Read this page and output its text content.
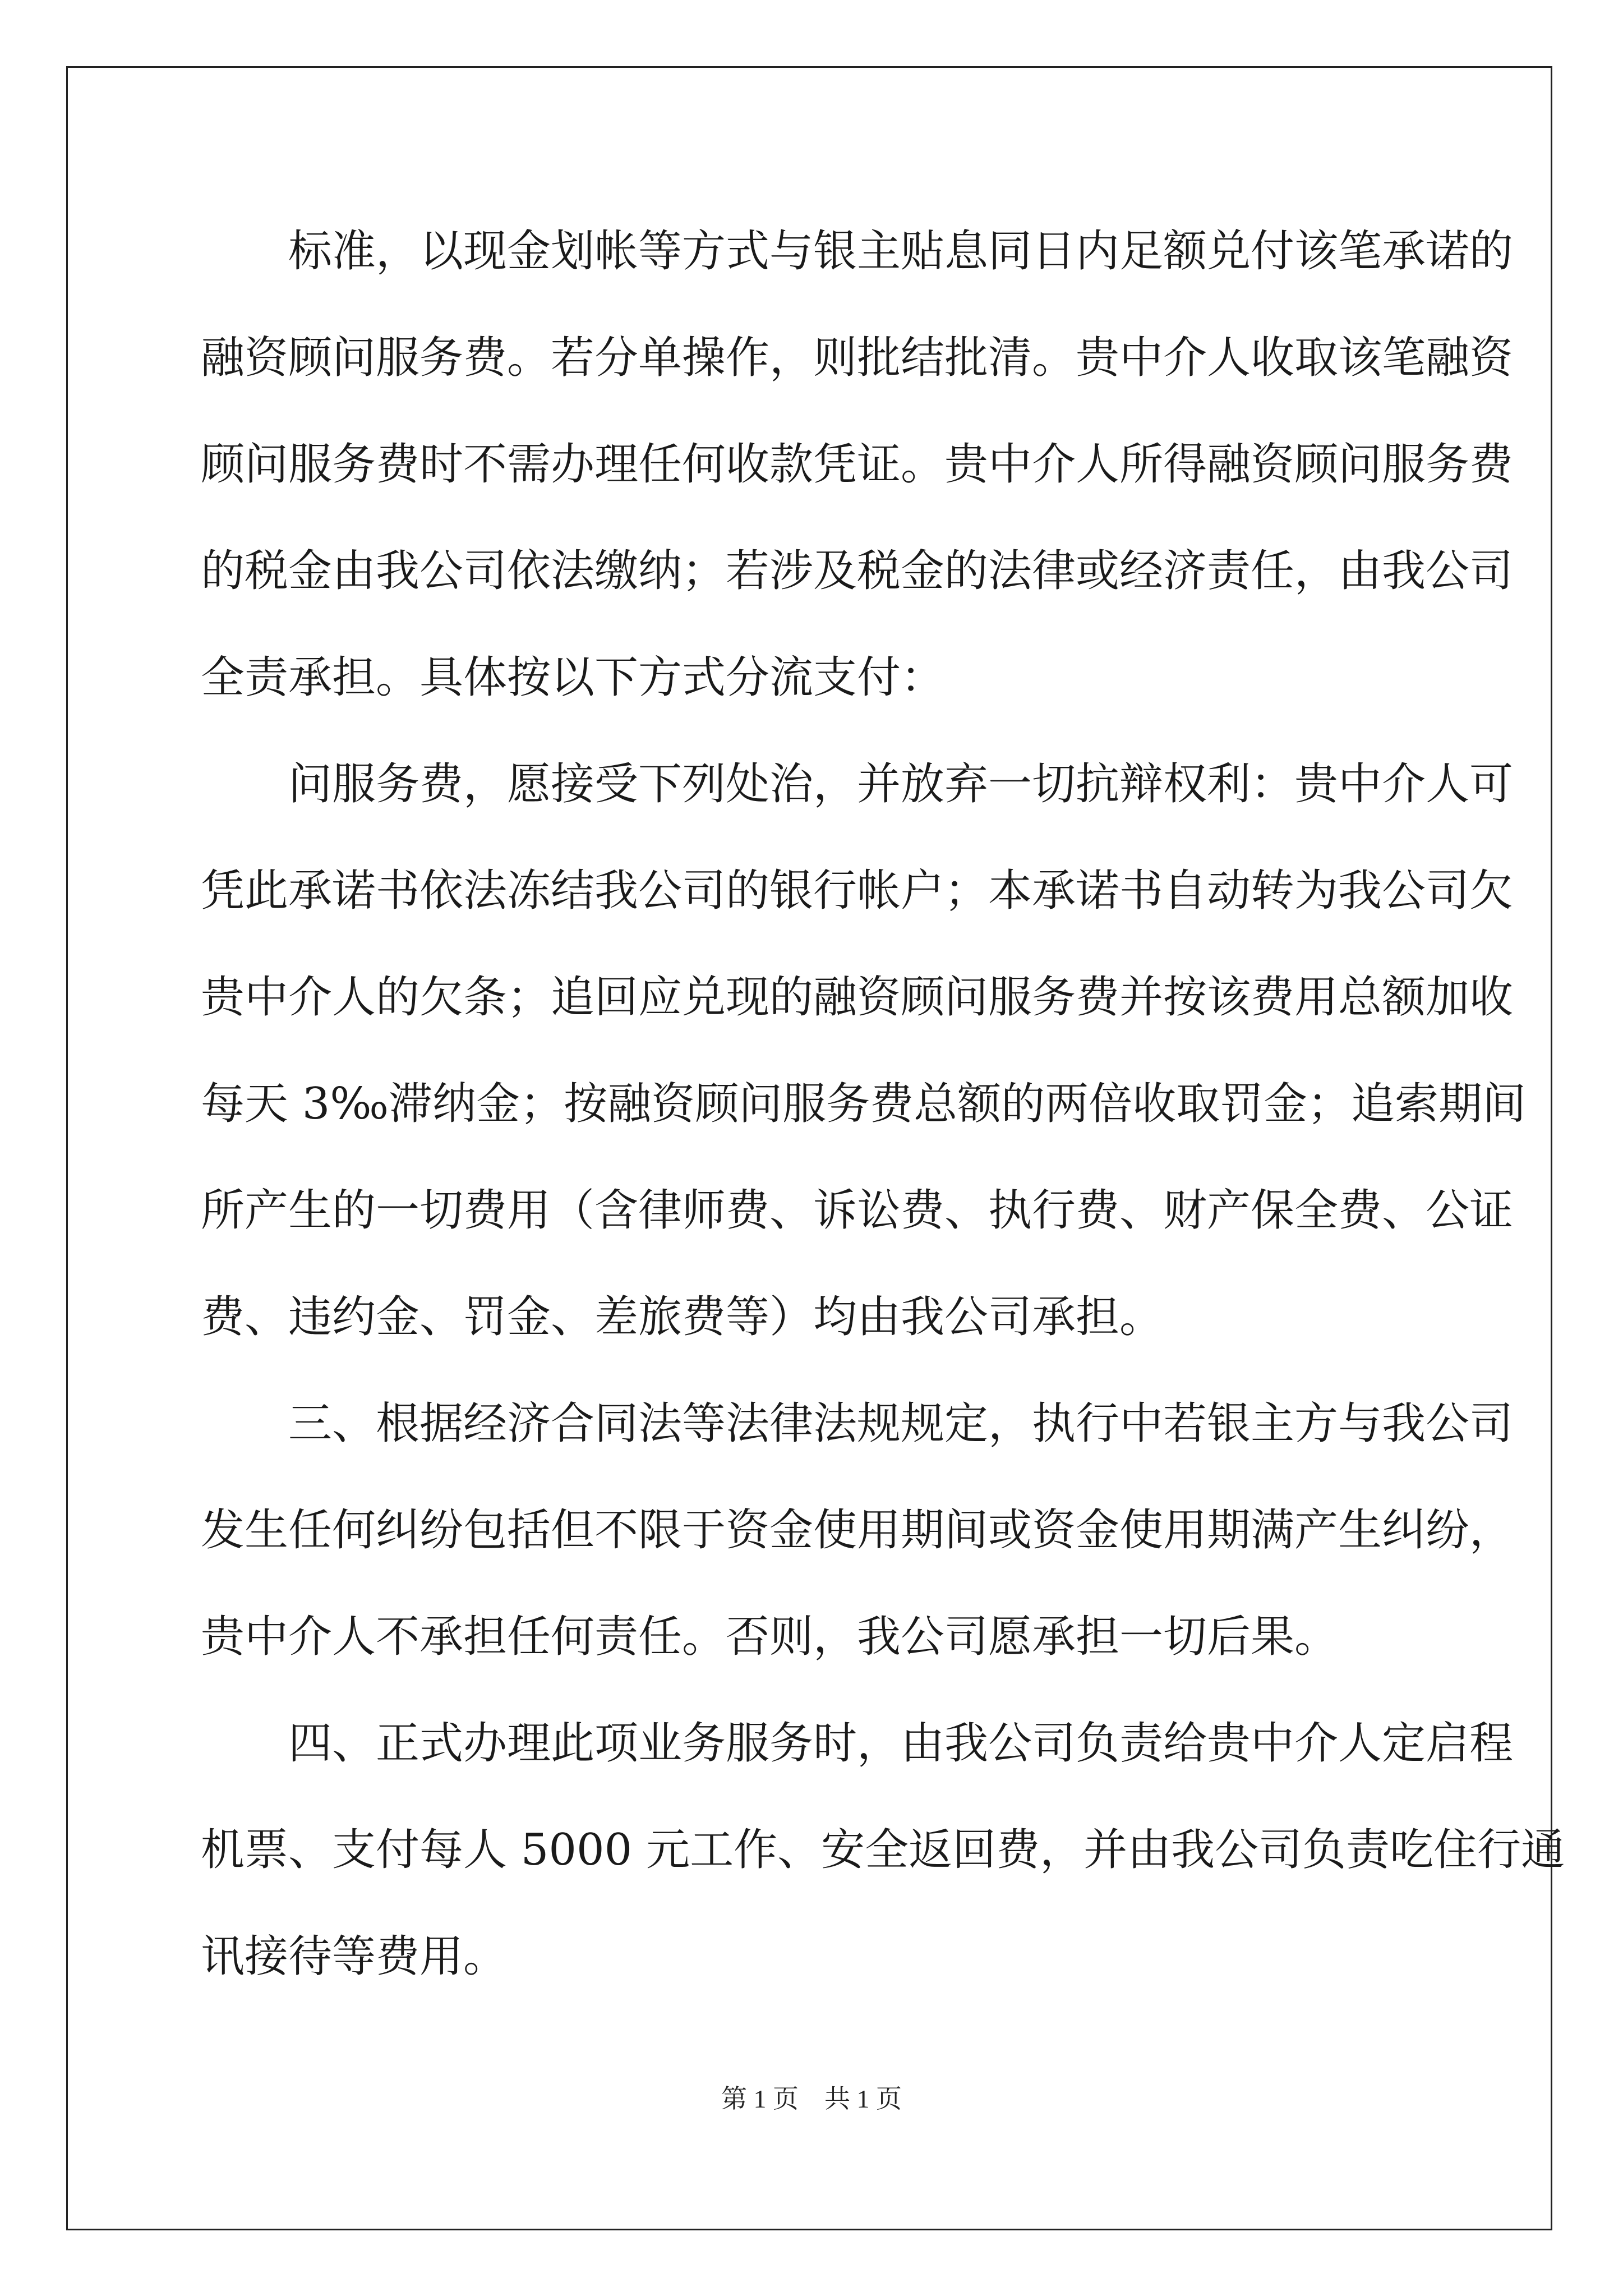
标准，以现金划帐等方式与银主贴息同日内足额兑付该笔承诺的
融资顾问服务费。若分单操作，则批结批清。贵中介人收取该笔融资
顾问服务费时不需办理任何收款凭证。贵中介人所得融资顾问服务费
的税金由我公司依法缴纳；若涉及税金的法律或经济责任，由我公司
全责承担。具体按以下方式分流支付：
问服务费，愿接受下列处治，并放弃一切抗辩权利：贵中介人可
凭此承诺书依法冻结我公司的银行帐户；本承诺书自动转为我公司欠
贵中介人的欠条；追回应兑现的融资顾问服务费并按该费用总额加收
每天 3‰滞纳金；按融资顾问服务费总额的两倍收取罚金；追索期间
所产生的一切费用（含律师费、诉讼费、执行费、财产保全费、公证
费、违约金、罚金、差旅费等）均由我公司承担。
三、根据经济合同法等法律法规规定，执行中若银主方与我公司
发生任何纠纷包括但不限于资金使用期间或资金使用期满产生纠纷，
贵中介人不承担任何责任。否则，我公司愿承担一切后果。
四、正式办理此项业务服务时，由我公司负责给贵中介人定启程
机票、支付每人 5000 元工作、安全返回费，并由我公司负责吃住行通
讯接待等费用。
第 1 页　共 1 页
